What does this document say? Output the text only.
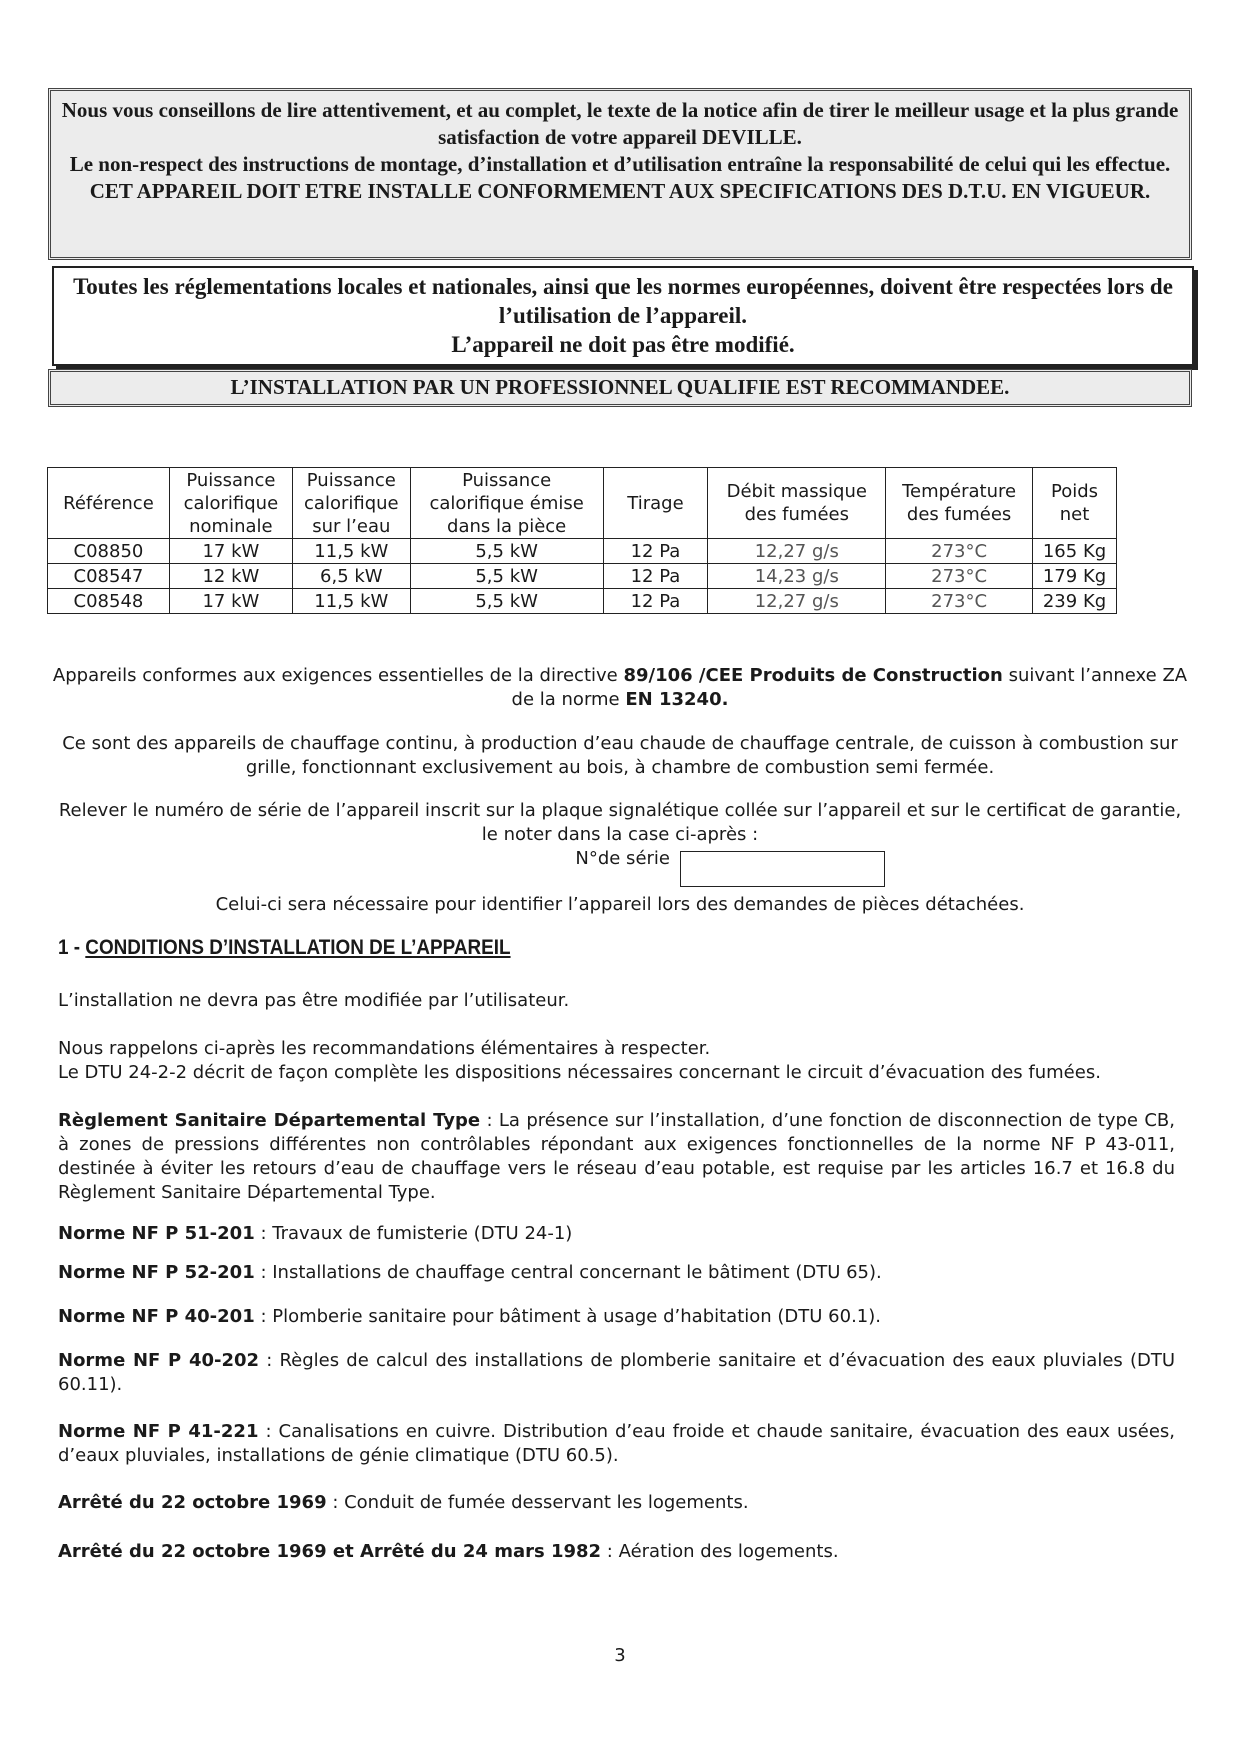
Nous vous conseillons de lire attentivement, et au complet, le texte de la notice afin de tirer le meilleur usage et la plus grande satisfaction de votre appareil DEVILLE.

Le non-respect des instructions de montage, d’installation et d’utilisation entraîne la responsabilité de celui qui les effectue.

CET APPAREIL DOIT ETRE INSTALLE CONFORMEMENT AUX SPECIFICATIONS DES D.T.U. EN VIGUEUR.

Toutes les réglementations locales et nationales, ainsi que les normes européennes, doivent être respectées lors de l’utilisation de l’appareil.

L’appareil ne doit pas être modifié.

L’INSTALLATION PAR UN PROFESSIONNEL QUALIFIE EST RECOMMANDEE.
Référence	Puissance calorifique nominale	Puissance calorifique sur l’eau	Puissance calorifique émise dans la pièce	Tirage	Débit massique des fumées	Température des fumées	Poids net
C08850	17 kW	11,5 kW	5,5 kW	12 Pa	12,27 g/s	273°C	165 Kg
C08547	12 kW	6,5 kW	5,5 kW	12 Pa	14,23 g/s	273°C	179 Kg
C08548	17 kW	11,5 kW	5,5 kW	12 Pa	12,27 g/s	273°C	239 Kg

Appareils conformes aux exigences essentielles de la directive 89/106 /CEE Produits de Construction suivant l’annexe ZA de la norme EN 13240.

Ce sont des appareils de chauffage continu, à production d’eau chaude de chauffage centrale, de cuisson à combustion sur grille, fonctionnant exclusivement au bois, à chambre de combustion semi fermée.

Relever le numéro de série de l’appareil inscrit sur la plaque signalétique collée sur l’appareil et sur le certificat de garantie, le noter dans la case ci-après :

N°de série

Celui-ci sera nécessaire pour identifier l’appareil lors des demandes de pièces détachées.

1 - CONDITIONS D’INSTALLATION DE L’APPAREIL

L’installation ne devra pas être modifiée par l’utilisateur.

Nous rappelons ci-après les recommandations élémentaires à respecter.

Le DTU 24-2-2 décrit de façon complète les dispositions nécessaires concernant le circuit d’évacuation des fumées.

Règlement Sanitaire Départemental Type : La présence sur l’installation, d’une fonction de disconnection de type CB, à zones de pressions différentes non contrôlables répondant aux exigences fonctionnelles de la norme NF P 43-011, destinée à éviter les retours d’eau de chauffage vers le réseau d’eau potable, est requise par les articles 16.7 et 16.8 du Règlement Sanitaire Départemental Type.

Norme NF P 51-201 : Travaux de fumisterie (DTU 24-1)

Norme NF P 52-201 : Installations de chauffage central concernant le bâtiment (DTU 65).

Norme NF P 40-201 : Plomberie sanitaire pour bâtiment à usage d’habitation (DTU 60.1).

Norme NF P 40-202 : Règles de calcul des installations de plomberie sanitaire et d’évacuation des eaux pluviales (DTU 60.11).

Norme NF P 41-221 : Canalisations en cuivre. Distribution d’eau froide et chaude sanitaire, évacuation des eaux usées, d’eaux pluviales, installations de génie climatique (DTU 60.5).

Arrêté du 22 octobre 1969 : Conduit de fumée desservant les logements.

Arrêté du 22 octobre 1969 et Arrêté du 24 mars 1982 : Aération des logements.

3
